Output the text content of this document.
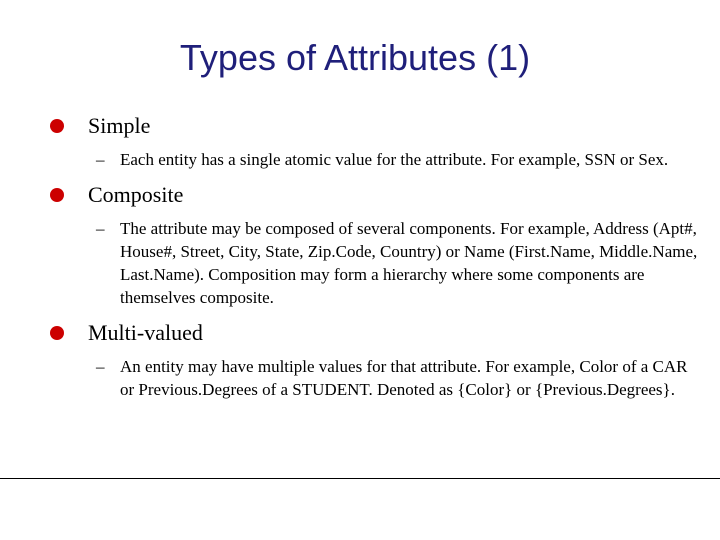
Types of Attributes (1)
Simple
– Each entity has a single atomic value for the attribute. For example, SSN or Sex.
Composite
– The attribute may be composed of several components. For example, Address (Apt#, House#, Street, City, State, Zip.Code, Country) or Name (First.Name, Middle.Name, Last.Name). Composition may form a hierarchy where some components are themselves composite.
Multi-valued
– An entity may have multiple values for that attribute. For example, Color of a CAR or Previous.Degrees of a STUDENT. Denoted as {Color} or {Previous.Degrees}.
